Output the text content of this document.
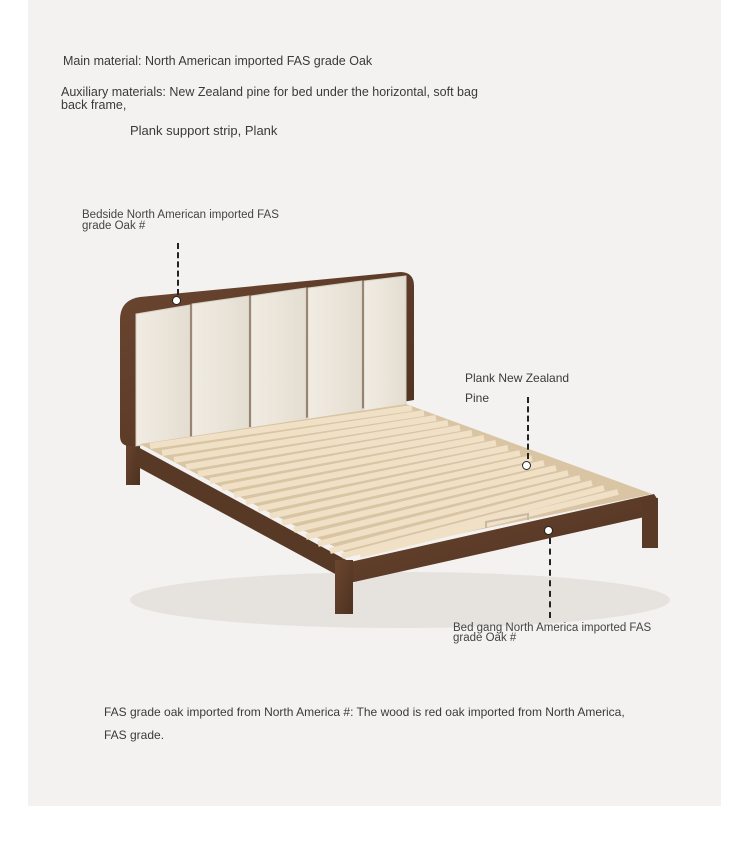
Main material: North American imported FAS grade Oak
Auxiliary materials: New Zealand pine for bed under the horizontal, soft bag
back frame,
Plank support strip, Plank
Bedside North American imported FAS
grade Oak #
Plank New Zealand
Pine
Bed gang North America imported FAS
grade Oak #
FAS grade oak imported from North America #: The wood is red oak imported from North America,
FAS grade.
